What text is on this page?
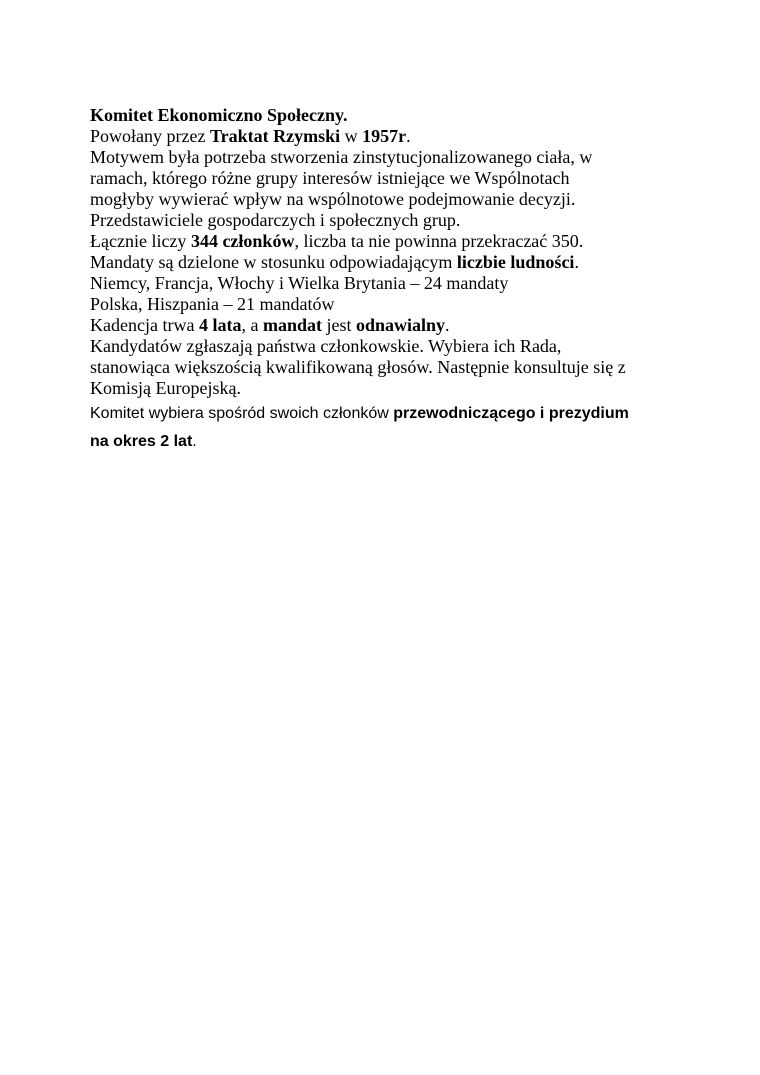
Komitet Ekonomiczno Społeczny.
Powołany przez Traktat Rzymski w 1957r.
Motywem była potrzeba stworzenia zinstytucjonalizowanego ciała, w
ramach, którego różne grupy interesów istniejące we Wspólnotach
mogłyby wywierać wpływ na wspólnotowe podejmowanie decyzji.
Przedstawiciele gospodarczych i społecznych grup.
Łącznie liczy 344 członków, liczba ta nie powinna przekraczać 350.
Mandaty są dzielone w stosunku odpowiadającym liczbie ludności.
Niemcy, Francja, Włochy i Wielka Brytania – 24 mandaty
Polska, Hiszpania – 21 mandatów
Kadencja trwa 4 lata, a mandat jest odnawialny.
Kandydatów zgłaszają państwa członkowskie. Wybiera ich Rada,
stanowiąca większością kwalifikowaną głosów. Następnie konsultuje się z
Komisją Europejską.
Komitet wybiera spośród swoich członków przewodniczącego i prezydium
na okres 2 lat.
